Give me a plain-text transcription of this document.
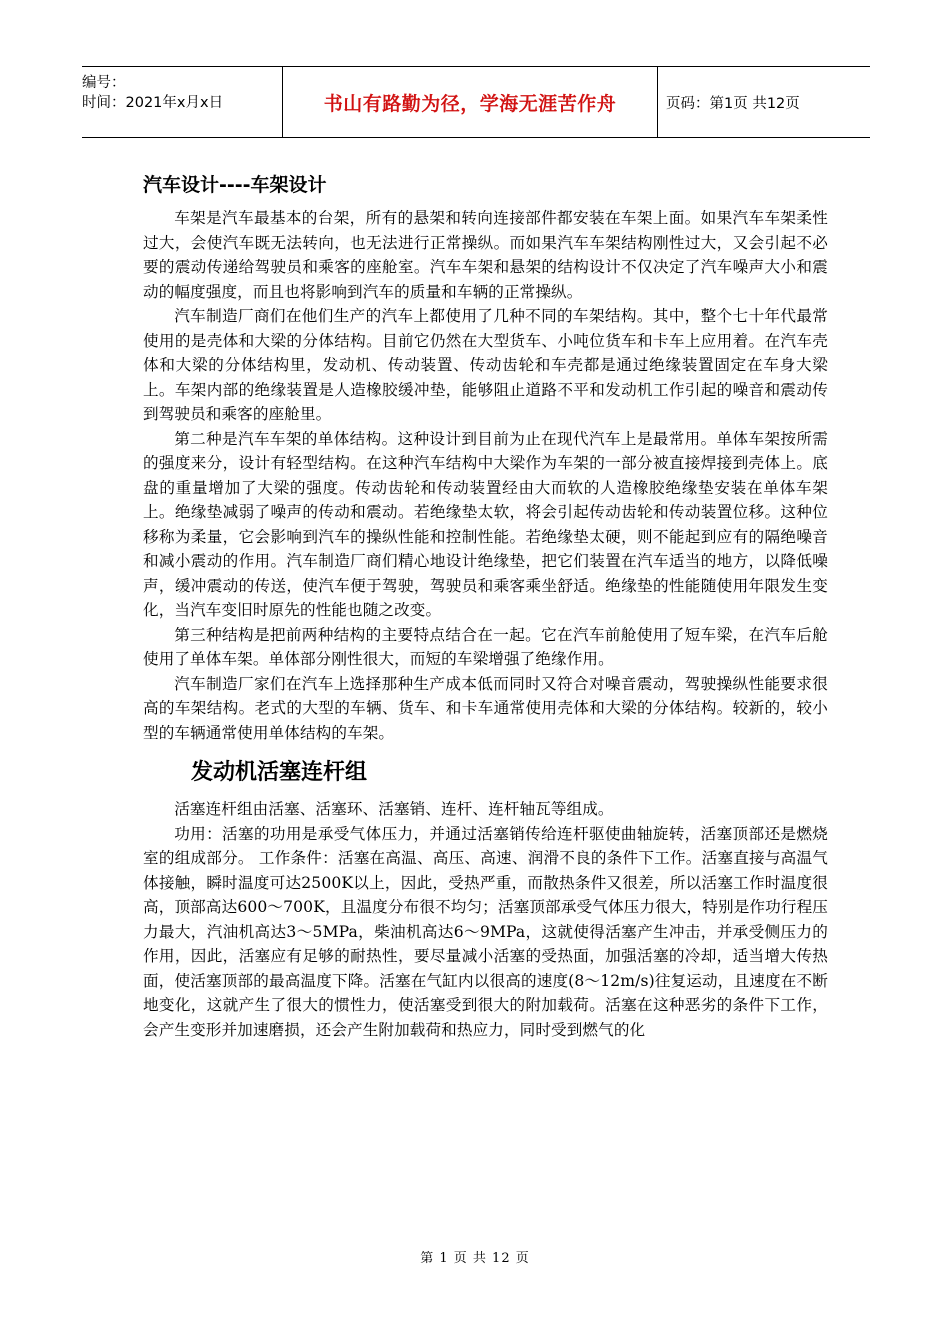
编号：
时间：2021年x月x日	书山有路勤为径，学海无涯苦作舟	页码：第1页 共12页
汽车设计----车架设计

车架是汽车最基本的台架，所有的悬架和转向连接部件都安装在车架上面。如果汽车车架柔性过大，会使汽车既无法转向，也无法进行正常操纵。而如果汽车车架结构刚性过大，又会引起不必要的震动传递给驾驶员和乘客的座舱室。汽车车架和悬架的结构设计不仅决定了汽车噪声大小和震动的幅度强度，而且也将影响到汽车的质量和车辆的正常操纵。

汽车制造厂商们在他们生产的汽车上都使用了几种不同的车架结构。其中，整个七十年代最常使用的是壳体和大梁的分体结构。目前它仍然在大型货车、小吨位货车和卡车上应用着。在汽车壳体和大梁的分体结构里，发动机、传动装置、传动齿轮和车壳都是通过绝缘装置固定在车身大梁上。车架内部的绝缘装置是人造橡胶缓冲垫，能够阻止道路不平和发动机工作引起的噪音和震动传到驾驶员和乘客的座舱里。

第二种是汽车车架的单体结构。这种设计到目前为止在现代汽车上是最常用。单体车架按所需的强度来分，设计有轻型结构。在这种汽车结构中大梁作为车架的一部分被直接焊接到壳体上。底盘的重量增加了大梁的强度。传动齿轮和传动装置经由大而软的人造橡胶绝缘垫安装在单体车架上。绝缘垫减弱了噪声的传动和震动。若绝缘垫太软，将会引起传动齿轮和传动装置位移。这种位移称为柔量，它会影响到汽车的操纵性能和控制性能。若绝缘垫太硬，则不能起到应有的隔绝噪音和减小震动的作用。汽车制造厂商们精心地设计绝缘垫，把它们装置在汽车适当的地方，以降低噪声，缓冲震动的传送，使汽车便于驾驶，驾驶员和乘客乘坐舒适。绝缘垫的性能随使用年限发生变化，当汽车变旧时原先的性能也随之改变。

第三种结构是把前两种结构的主要特点结合在一起。它在汽车前舱使用了短车梁，在汽车后舱使用了单体车架。单体部分刚性很大，而短的车梁增强了绝缘作用。

汽车制造厂家们在汽车上选择那种生产成本低而同时又符合对噪音震动，驾驶操纵性能要求很高的车架结构。老式的大型的车辆、货车、和卡车通常使用壳体和大梁的分体结构。较新的，较小型的车辆通常使用单体结构的车架。

发动机活塞连杆组

活塞连杆组由活塞、活塞环、活塞销、连杆、连杆轴瓦等组成。

功用：活塞的功用是承受气体压力，并通过活塞销传给连杆驱使曲轴旋转，活塞顶部还是燃烧室的组成部分。 工作条件：活塞在高温、高压、高速、润滑不良的条件下工作。活塞直接与高温气体接触，瞬时温度可达2500K以上，因此，受热严重，而散热条件又很差，所以活塞工作时温度很高，顶部高达600～700K，且温度分布很不均匀；活塞顶部承受气体压力很大，特别是作功行程压力最大，汽油机高达3～5MPa，柴油机高达6～9MPa，这就使得活塞产生冲击，并承受侧压力的作用，因此，活塞应有足够的耐热性，要尽量减小活塞的受热面，加强活塞的冷却，适当增大传热面，使活塞顶部的最高温度下降。活塞在气缸内以很高的速度(8～12m/s)往复运动，且速度在不断地变化，这就产生了很大的惯性力，使活塞受到很大的附加载荷。活塞在这种恶劣的条件下工作，会产生变形并加速磨损，还会产生附加载荷和热应力，同时受到燃气的化

第 1 页 共 12 页
